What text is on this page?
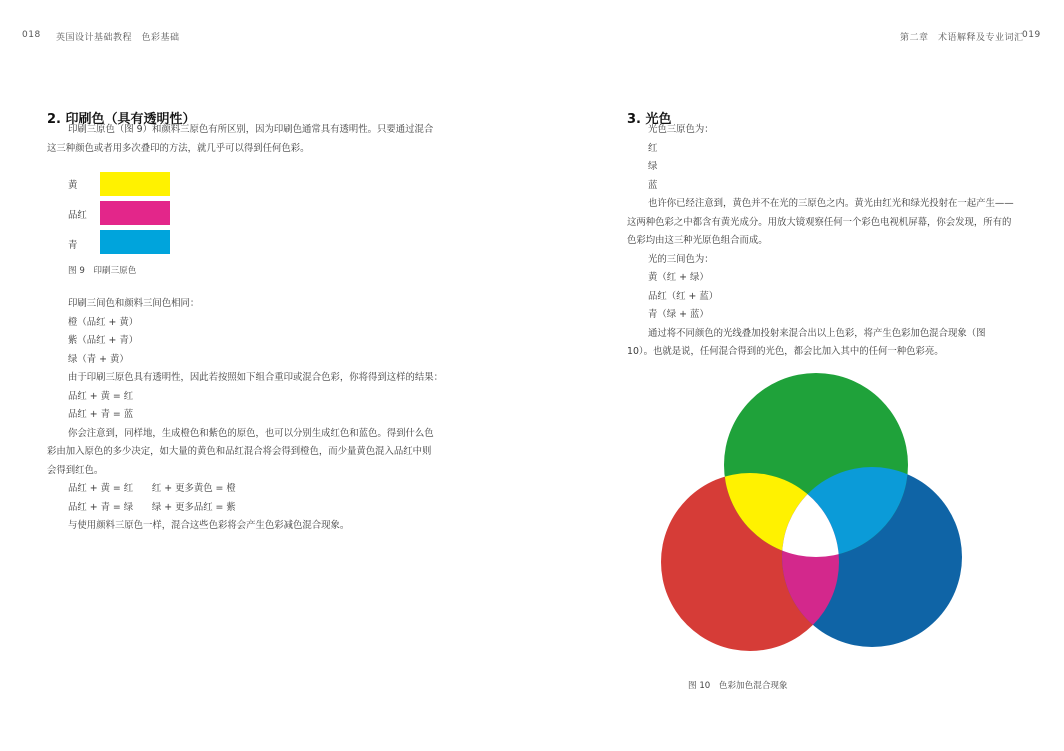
018 英国设计基础教程　色彩基础	第二章　术语解释及专业词汇
019
2. 印刷色（具有透明性）
印刷三原色（图 9）和颜料三原色有所区别，因为印刷色通常具有透明性。只要通过混合
这三种颜色或者用多次叠印的方法，就几乎可以得到任何色彩。
黄
品红
青
图 9　印刷三原色
印刷三间色和颜料三间色相同：
橙（品红 + 黄）
紫（品红 + 青）
绿（青 + 黄）
由于印刷三原色具有透明性，因此若按照如下组合重印或混合色彩，你将得到这样的结果：
品红 + 黄 = 红
品红 + 青 = 蓝
你会注意到，同样地，生成橙色和紫色的原色，也可以分别生成红色和蓝色。得到什么色
彩由加入原色的多少决定，如大量的黄色和品红混合将会得到橙色，而少量黄色混入品红中则
会得到红色。
品红 + 黄 = 红　　红 + 更多黄色 = 橙
品红 + 青 = 绿　　绿 + 更多品红 = 紫
与使用颜料三原色一样，混合这些色彩将会产生色彩减色混合现象。
3. 光色
光色三原色为：
红
绿
蓝
也许你已经注意到，黄色并不在光的三原色之内。黄光由红光和绿光投射在一起产生——
这两种色彩之中都含有黄光成分。用放大镜观察任何一个彩色电视机屏幕，你会发现，所有的
色彩均由这三种光原色组合而成。
光的三间色为：
黄（红 + 绿）
品红（红 + 蓝）
青（绿 + 蓝）
通过将不同颜色的光线叠加投射来混合出以上色彩，将产生色彩加色混合现象（图
10）。也就是说，任何混合得到的光色，都会比加入其中的任何一种色彩亮。
图 10　色彩加色混合现象
